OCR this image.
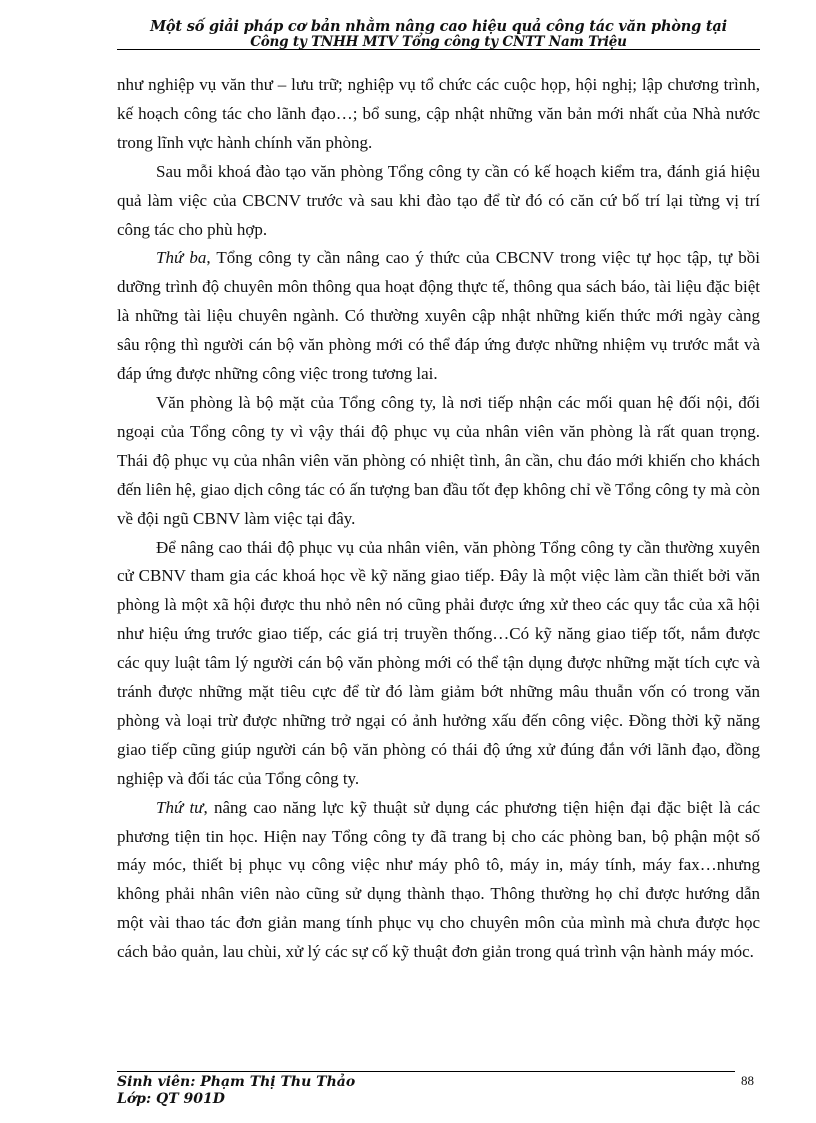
Một số giải pháp cơ bản nhằm nâng cao hiệu quả công tác văn phòng tại
Công ty TNHH MTV Tổng công ty CNTT Nam Triệu

như nghiệp vụ văn thư – lưu trữ; nghiệp vụ tổ chức các cuộc họp, hội nghị; lập chương trình, kế hoạch công tác cho lãnh đạo…; bổ sung, cập nhật những văn bản mới nhất của Nhà nước trong lĩnh vực hành chính văn phòng.

Sau mỗi khoá đào tạo văn phòng Tổng công ty cần có kế hoạch kiểm tra, đánh giá hiệu quả làm việc của CBCNV trước và sau khi đào tạo để từ đó có căn cứ bố trí lại từng vị trí công tác cho phù hợp.

Thứ ba, Tổng công ty cần nâng cao ý thức của CBCNV trong việc tự học tập, tự bồi dưỡng trình độ chuyên môn thông qua hoạt động thực tế, thông qua sách báo, tài liệu đặc biệt là những tài liệu chuyên ngành. Có thường xuyên cập nhật những kiến thức mới ngày càng sâu rộng thì người cán bộ văn phòng mới có thể đáp ứng được những nhiệm vụ trước mắt và đáp ứng được những công việc trong tương lai.

Văn phòng là bộ mặt của Tổng công ty, là nơi tiếp nhận các mối quan hệ đối nội, đối ngoại của Tổng công ty vì vậy thái độ phục vụ của nhân viên văn phòng là rất quan trọng. Thái độ phục vụ của nhân viên văn phòng có nhiệt tình, ân cần, chu đáo mới khiến cho khách đến liên hệ, giao dịch công tác có ấn tượng ban đầu tốt đẹp không chỉ về Tổng công ty mà còn về đội ngũ CBNV làm việc tại đây.

Để nâng cao thái độ phục vụ của nhân viên, văn phòng Tổng công ty cần thường xuyên cử CBNV tham gia các khoá học về kỹ năng giao tiếp. Đây là một việc làm cần thiết bởi văn phòng là một xã hội được thu nhỏ nên nó cũng phải được ứng xử theo các quy tắc của xã hội như hiệu ứng trước giao tiếp, các giá trị truyền thống…Có kỹ năng giao tiếp tốt, nắm được các quy luật tâm lý người cán bộ văn phòng mới có thể tận dụng được những mặt tích cực và tránh được những mặt tiêu cực để từ đó làm giảm bớt những mâu thuẫn vốn có trong văn phòng và loại trừ được những trở ngại có ảnh hưởng xấu đến công việc. Đồng thời kỹ năng giao tiếp cũng giúp người cán bộ văn phòng có thái độ ứng xử đúng đắn với lãnh đạo, đồng nghiệp và đối tác của Tổng công ty.

Thứ tư, nâng cao năng lực kỹ thuật sử dụng các phương tiện hiện đại đặc biệt là các phương tiện tin học. Hiện nay Tổng công ty đã trang bị cho các phòng ban, bộ phận một số máy móc, thiết bị phục vụ công việc như máy phô tô, máy in, máy tính, máy fax…nhưng không phải nhân viên nào cũng sử dụng thành thạo. Thông thường họ chỉ được hướng dẫn một vài thao tác đơn giản mang tính phục vụ cho chuyên môn của mình mà chưa được học cách bảo quản, lau chùi, xử lý các sự cố kỹ thuật đơn giản trong quá trình vận hành máy móc.

Sinh viên: Phạm Thị Thu Thảo
Lớp: QT 901D
88
